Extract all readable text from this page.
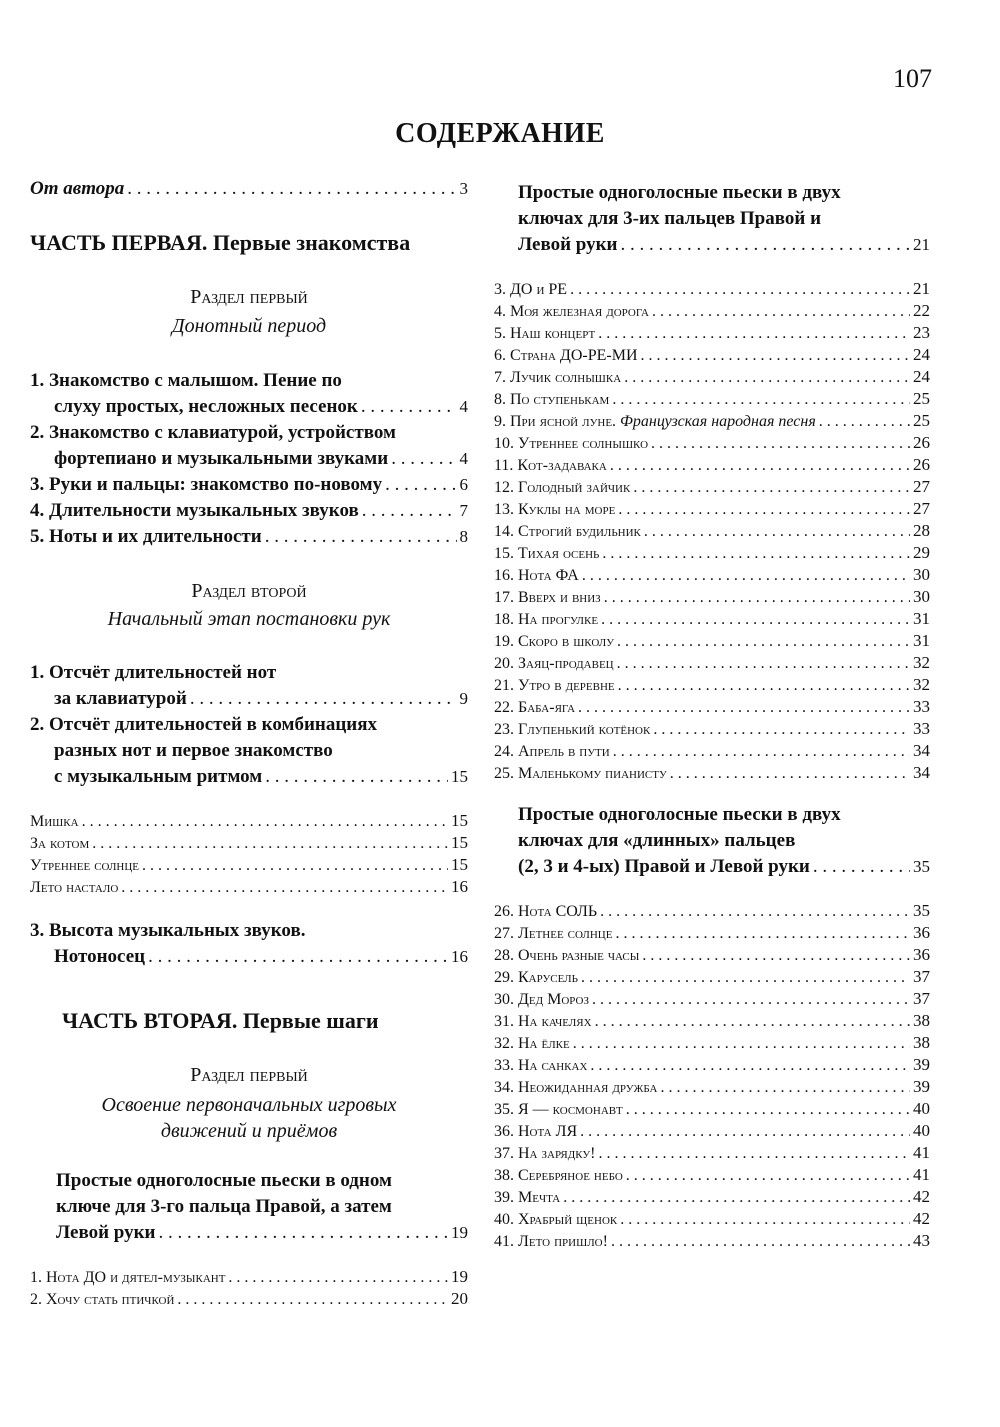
107
СОДЕРЖАНИЕ
От автора . . .	3
ЧАСТЬ ПЕРВАЯ. Первые знакомства
Раздел первый
Донотный период
1. Знакомство с малышом. Пение по
слуху простых, несложных песенок . . .	4
2. Знакомство с клавиатурой, устройством
фортепиано и музыкальными звуками . . .	4
3. Руки и пальцы: знакомство по-новому . . .	6
4. Длительности музыкальных звуков . . .	7
5. Ноты и их длительности . . .	8
Раздел второй
Начальный этап постановки рук
1. Отсчёт длительностей нот
за клавиатурой . . .	9
2. Отсчёт длительностей в комбинациях
разных нот и первое знакомство
с музыкальным ритмом . . .	15
Мишка . . .	15
За котом . . .	15
Утреннее солнце . . .	15
Лето настало . . .	16
3. Высота музыкальных звуков.
Нотоносец . . .	16
ЧАСТЬ ВТОРАЯ. Первые шаги
Раздел первый
Освоение первоначальных игровых
движений и приёмов
Простые одноголосные пьески в одном
ключе для 3-го пальца Правой, а затем
Левой руки . . .	19
1. Нота ДО и дятел-музыкант . . .	19
2. Хочу стать птичкой . . .	20
Простые одноголосные пьески в двух
ключах для 3-их пальцев Правой и
Левой руки . . .	21
3. ДО и РЕ . . .	21
4. Моя железная дорога . . .	22
5. Наш концерт . . .	23
6. Страна ДО-РЕ-МИ . . .	24
7. Лучик солнышка . . .	24
8. По ступенькам . . .	25
9. При ясной луне. Французская народная песня . . .	25
10. Утреннее солнышко . . .	26
11. Кот-задавака . . .	26
12. Голодный зайчик . . .	27
13. Куклы на море . . .	27
14. Строгий будильник . . .	28
15. Тихая осень . . .	29
16. Нота ФА . . .	30
17. Вверх и вниз . . .	30
18. На прогулке . . .	31
19. Скоро в школу . . .	31
20. Заяц-продавец . . .	32
21. Утро в деревне . . .	32
22. Баба-яга . . .	33
23. Глупенький котёнок . . .	33
24. Апрель в пути . . .	34
25. Маленькому пианисту . . .	34
Простые одноголосные пьески в двух
ключах для «длинных» пальцев
(2, 3 и 4-ых) Правой и Левой руки . . .	35
26. Нота СОЛЬ . . .	35
27. Летнее солнце . . .	36
28. Очень разные часы . . .	36
29. Карусель . . .	37
30. Дед Мороз . . .	37
31. На качелях . . .	38
32. На ёлке . . .	38
33. На санках . . .	39
34. Неожиданная дружба . . .	39
35. Я — космонавт . . .	40
36. Нота ЛЯ . . .	40
37. На зарядку! . . .	41
38. Серебряное небо . . .	41
39. Мечта . . .	42
40. Храбрый щенок . . .	42
41. Лето пришло! . . .	43
